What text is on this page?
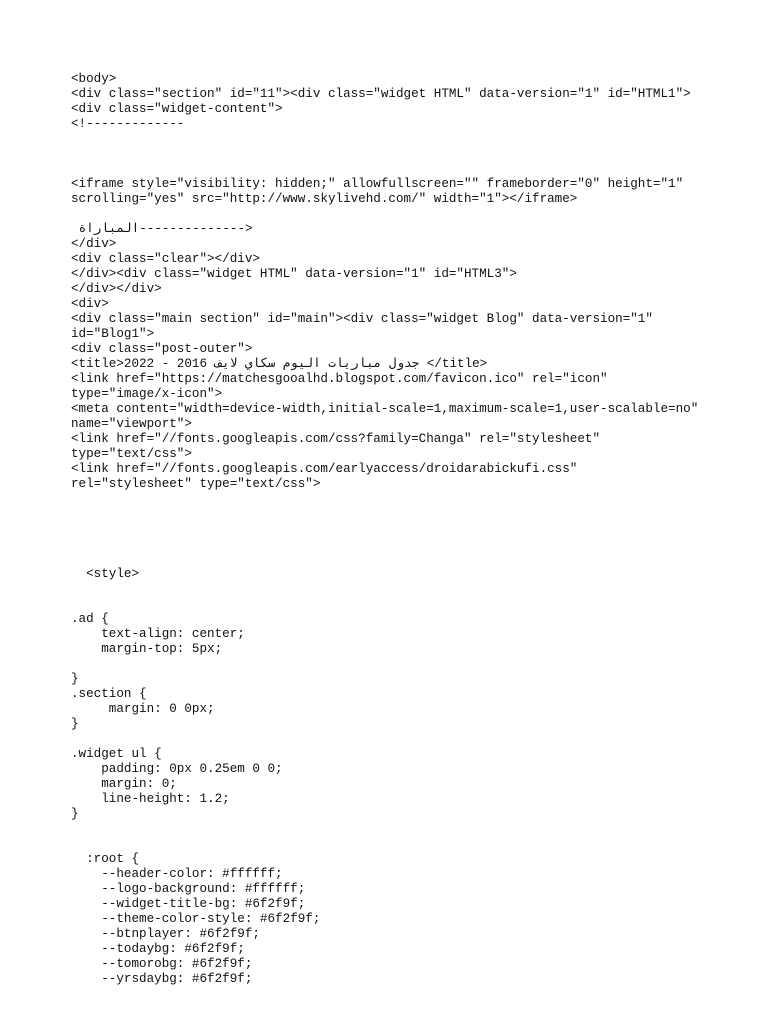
<body>
<div class="section" id="11"><div class="widget HTML" data-version="1" id="HTML1">
<div class="widget-content">
<!-------------
<iframe style="visibility: hidden;" allowfullscreen="" frameborder="0" height="1"
scrolling="yes" src="http://www.skylivehd.com/" width="1"></iframe>
المباراة-------------->
</div>
<div class="clear"></div>
</div><div class="widget HTML" data-version="1" id="HTML3">
</div></div>
<div>
<div class="main section" id="main"><div class="widget Blog" data-version="1"
id="Blog1">
<div class="post-outer">
<title>2022 - 2016 جدول مباريات اليوم سكاي لايف </title>
<link href="https://matchesgooalhd.blogspot.com/favicon.ico" rel="icon"
type="image/x-icon">
<meta content="width=device-width,initial-scale=1,maximum-scale=1,user-scalable=no"
name="viewport">
<link href="//fonts.googleapis.com/css?family=Changa" rel="stylesheet"
type="text/css">
<link href="//fonts.googleapis.com/earlyaccess/droidarabickufi.css"
rel="stylesheet" type="text/css">
<style>
.ad {
text-align: center;
margin-top: 5px;
}
.section {
margin: 0 0px;
}
.widget ul {
padding: 0px 0.25em 0 0;
margin: 0;
line-height: 1.2;
}
:root {
--header-color: #ffffff;
--logo-background: #ffffff;
--widget-title-bg: #6f2f9f;
--theme-color-style: #6f2f9f;
--btnplayer: #6f2f9f;
--todaybg: #6f2f9f;
--tomorobg: #6f2f9f;
--yrsdaybg: #6f2f9f;
